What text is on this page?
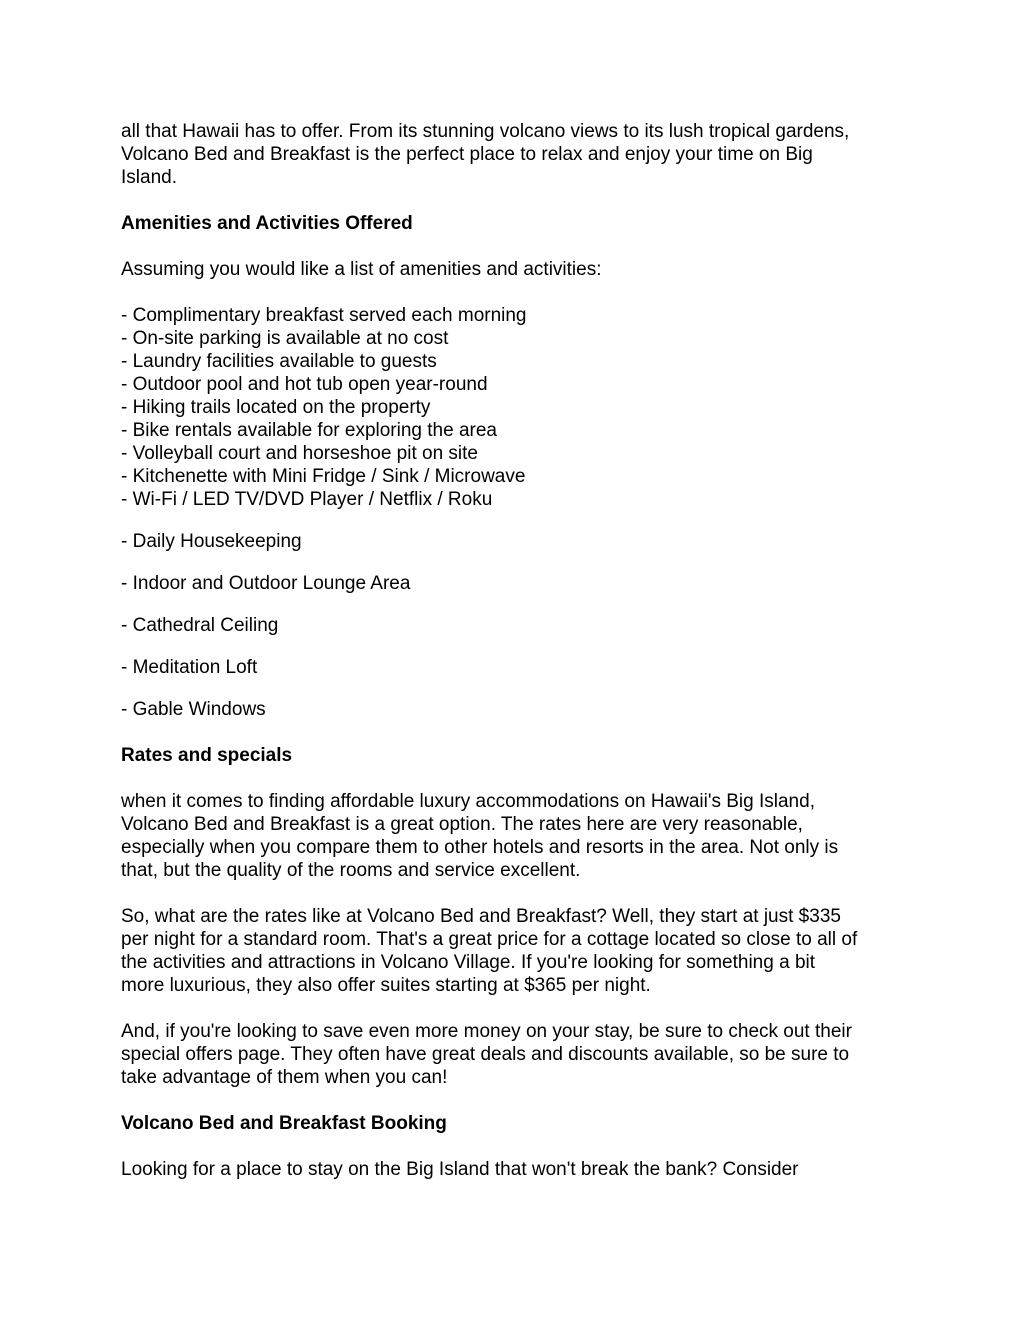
all that Hawaii has to offer. From its stunning volcano views to its lush tropical gardens,
Volcano Bed and Breakfast is the perfect place to relax and enjoy your time on Big
Island.

Amenities and Activities Offered

Assuming you would like a list of amenities and activities:

- Complimentary breakfast served each morning
- On-site parking is available at no cost
- Laundry facilities available to guests
- Outdoor pool and hot tub open year-round
- Hiking trails located on the property
- Bike rentals available for exploring the area
- Volleyball court and horseshoe pit on site
- Kitchenette with Mini Fridge / Sink / Microwave
- Wi-Fi / LED TV/DVD Player / Netflix / Roku

- Daily Housekeeping

- Indoor and Outdoor Lounge Area

- Cathedral Ceiling

- Meditation Loft

- Gable Windows

Rates and specials

when it comes to finding affordable luxury accommodations on Hawaii's Big Island,
Volcano Bed and Breakfast is a great option. The rates here are very reasonable,
especially when you compare them to other hotels and resorts in the area. Not only is
that, but the quality of the rooms and service excellent.

So, what are the rates like at Volcano Bed and Breakfast? Well, they start at just $335
per night for a standard room. That's a great price for a cottage located so close to all of
the activities and attractions in Volcano Village. If you're looking for something a bit
more luxurious, they also offer suites starting at $365 per night.

And, if you're looking to save even more money on your stay, be sure to check out their
special offers page. They often have great deals and discounts available, so be sure to
take advantage of them when you can!

Volcano Bed and Breakfast Booking

Looking for a place to stay on the Big Island that won't break the bank? Consider
